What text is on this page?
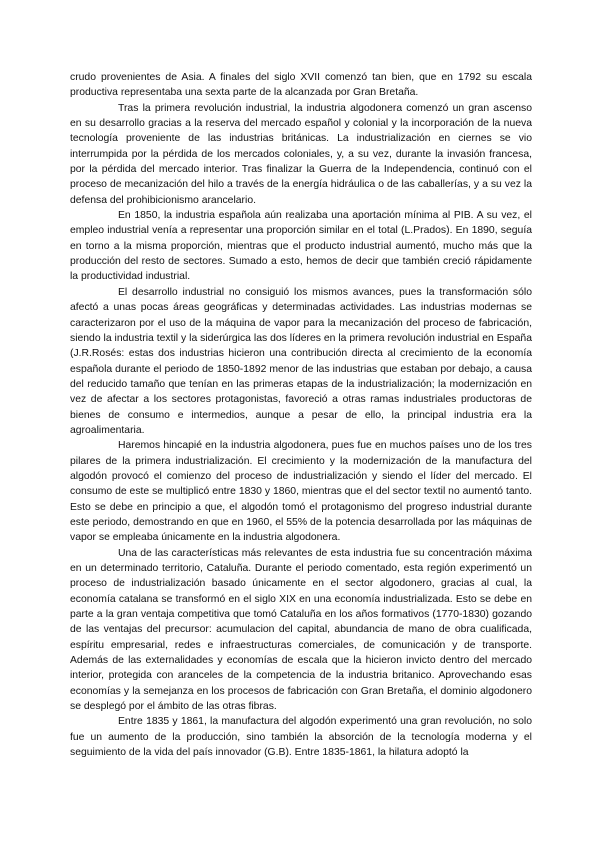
crudo provenientes de Asia. A finales del siglo XVII comenzó tan bien, que en 1792 su escala productiva representaba una sexta parte de la alcanzada por Gran Bretaña.

Tras la primera revolución industrial, la industria algodonera comenzó un gran ascenso en su desarrollo gracias a la reserva del mercado español y colonial y la incorporación de la nueva tecnología proveniente de las industrias británicas. La industrialización en ciernes se vio interrumpida por la pérdida de los mercados coloniales, y, a su vez, durante la invasión francesa, por la pérdida del mercado interior. Tras finalizar la Guerra de la Independencia, continuó con el proceso de mecanización del hilo a través de la energía hidráulica o de las caballerías, y a su vez la defensa del prohibicionismo arancelario.

En 1850, la industria española aún realizaba una aportación mínima al PIB. A su vez, el empleo industrial venía a representar una proporción similar en el total (L.Prados). En 1890, seguía en torno a la misma proporción, mientras que el producto industrial aumentó, mucho más que la producción del resto de sectores. Sumado a esto, hemos de decir que también creció rápidamente la productividad industrial.

El desarrollo industrial no consiguió los mismos avances, pues la transformación sólo afectó a unas pocas áreas geográficas y determinadas actividades. Las industrias modernas se caracterizaron por el uso de la máquina de vapor para la mecanización del proceso de fabricación, siendo la industria textil y la siderúrgica las dos líderes en la primera revolución industrial en España (J.R.Rosés: estas dos industrias hicieron una contribución directa al crecimiento de la economía española durante el periodo de 1850-1892 menor de las industrias que estaban por debajo, a causa del reducido tamaño que tenían en las primeras etapas de la industrialización; la modernización en vez de afectar a los sectores protagonistas, favoreció a otras ramas industriales productoras de bienes de consumo e intermedios, aunque a pesar de ello, la principal industria era la agroalimentaria.

Haremos hincapié en la industria algodonera, pues fue en muchos países uno de los tres pilares de la primera industrialización. El crecimiento y la modernización de la manufactura del algodón provocó el comienzo del proceso de industrialización y siendo el líder del mercado. El consumo de este se multiplicó entre 1830 y 1860, mientras que el del sector textil no aumentó tanto. Esto se debe en principio a que, el algodón tomó el protagonismo del progreso industrial durante este periodo, demostrando en que en 1960, el 55% de la potencia desarrollada por las máquinas de vapor se empleaba únicamente en la industria algodonera.

Una de las características más relevantes de esta industria fue su concentración máxima en un determinado territorio, Cataluña. Durante el periodo comentado, esta región experimentó un proceso de industrialización basado únicamente en el sector algodonero, gracias al cual, la economía catalana se transformó en el siglo XIX en una economía industrializada. Esto se debe en parte a la gran ventaja competitiva que tomó Cataluña en los años formativos (1770-1830) gozando de las ventajas del precursor: acumulacion del capital, abundancia de mano de obra cualificada, espíritu empresarial, redes e infraestructuras comerciales, de comunicación y de transporte. Además de las externalidades y economías de escala que la hicieron invicto dentro del mercado interior, protegida con aranceles de la competencia de la industria britanico. Aprovechando esas economías y la semejanza en los procesos de fabricación con Gran Bretaña, el dominio algodonero se desplegó por el ámbito de las otras fibras.

Entre 1835 y 1861, la manufactura del algodón experimentó una gran revolución, no solo fue un aumento de la producción, sino también la absorción de la tecnología moderna y el seguimiento de la vida del país innovador (G.B). Entre 1835-1861, la hilatura adoptó la
